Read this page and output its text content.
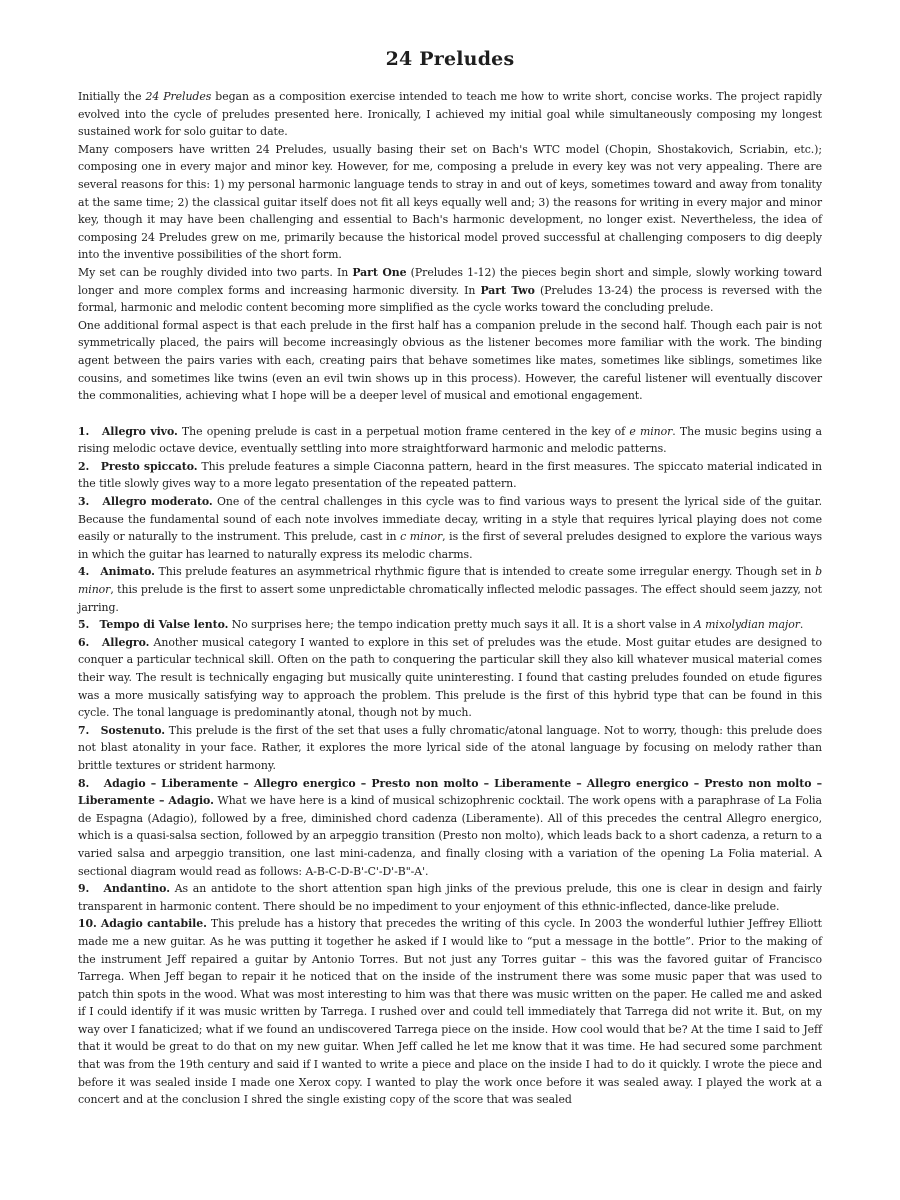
24 Preludes

Initially the 24 Preludes began as a composition exercise intended to teach me how to write short, concise works. The project rapidly evolved into the cycle of preludes presented here. Ironically, I achieved my initial goal while simultaneously composing my longest sustained work for solo guitar to date.

Many composers have written 24 Preludes, usually basing their set on Bach's WTC model (Chopin, Shostakovich, Scriabin, etc.); composing one in every major and minor key. However, for me, composing a prelude in every key was not very appealing. There are several reasons for this: 1) my personal harmonic language tends to stray in and out of keys, sometimes toward and away from tonality at the same time; 2) the classical guitar itself does not fit all keys equally well and; 3) the reasons for writing in every major and minor key, though it may have been challenging and essential to Bach's harmonic development, no longer exist. Nevertheless, the idea of composing 24 Preludes grew on me, primarily because the historical model proved successful at challenging composers to dig deeply into the inventive possibilities of the short form.

My set can be roughly divided into two parts. In Part One (Preludes 1-12) the pieces begin short and simple, slowly working toward longer and more complex forms and increasing harmonic diversity. In Part Two (Preludes 13-24) the process is reversed with the formal, harmonic and melodic content becoming more simplified as the cycle works toward the concluding prelude.

One additional formal aspect is that each prelude in the first half has a companion prelude in the second half. Though each pair is not symmetrically placed, the pairs will become increasingly obvious as the listener becomes more familiar with the work. The binding agent between the pairs varies with each, creating pairs that behave sometimes like mates, sometimes like siblings, sometimes like cousins, and sometimes like twins (even an evil twin shows up in this process). However, the careful listener will eventually discover the commonalities, achieving what I hope will be a deeper level of musical and emotional engagement.

1. Allegro vivo. The opening prelude is cast in a perpetual motion frame centered in the key of e minor. The music begins using a rising melodic octave device, eventually settling into more straightforward harmonic and melodic patterns.

2. Presto spiccato. This prelude features a simple Ciaconna pattern, heard in the first measures. The spiccato material indicated in the title slowly gives way to a more legato presentation of the repeated pattern.

3. Allegro moderato. One of the central challenges in this cycle was to find various ways to present the lyrical side of the guitar. Because the fundamental sound of each note involves immediate decay, writing in a style that requires lyrical playing does not come easily or naturally to the instrument. This prelude, cast in c minor, is the first of several preludes designed to explore the various ways in which the guitar has learned to naturally express its melodic charms.

4. Animato. This prelude features an asymmetrical rhythmic figure that is intended to create some irregular energy. Though set in b minor, this prelude is the first to assert some unpredictable chromatically inflected melodic passages. The effect should seem jazzy, not jarring.

5. Tempo di Valse lento. No surprises here; the tempo indication pretty much says it all. It is a short valse in A mixolydian major.

6. Allegro. Another musical category I wanted to explore in this set of preludes was the etude. Most guitar etudes are designed to conquer a particular technical skill. Often on the path to conquering the particular skill they also kill whatever musical material comes their way. The result is technically engaging but musically quite uninteresting. I found that casting preludes founded on etude figures was a more musically satisfying way to approach the problem. This prelude is the first of this hybrid type that can be found in this cycle. The tonal language is predominantly atonal, though not by much.

7. Sostenuto. This prelude is the first of the set that uses a fully chromatic/atonal language. Not to worry, though: this prelude does not blast atonality in your face. Rather, it explores the more lyrical side of the atonal language by focusing on melody rather than brittle textures or strident harmony.

8. Adagio – Liberamente – Allegro energico – Presto non molto – Liberamente – Allegro energico – Presto non molto – Liberamente – Adagio. What we have here is a kind of musical schizophrenic cocktail. The work opens with a paraphrase of La Folia de Espagna (Adagio), followed by a free, diminished chord cadenza (Liberamente). All of this precedes the central Allegro energico, which is a quasi-salsa section, followed by an arpeggio transition (Presto non molto), which leads back to a short cadenza, a return to a varied salsa and arpeggio transition, one last mini-cadenza, and finally closing with a variation of the opening La Folia material. A sectional diagram would read as follows: A-B-C-D-B'-C'-D'-B"-A'.

9. Andantino. As an antidote to the short attention span high jinks of the previous prelude, this one is clear in design and fairly transparent in harmonic content. There should be no impediment to your enjoyment of this ethnic-inflected, dance-like prelude.

10. Adagio cantabile. This prelude has a history that precedes the writing of this cycle. In 2003 the wonderful luthier Jeffrey Elliott made me a new guitar. As he was putting it together he asked if I would like to “put a message in the bottle”. Prior to the making of the instrument Jeff repaired a guitar by Antonio Torres. But not just any Torres guitar – this was the favored guitar of Francisco Tarrega. When Jeff began to repair it he noticed that on the inside of the instrument there was some music paper that was used to patch thin spots in the wood. What was most interesting to him was that there was music written on the paper. He called me and asked if I could identify if it was music written by Tarrega. I rushed over and could tell immediately that Tarrega did not write it. But, on my way over I fanaticized; what if we found an undiscovered Tarrega piece on the inside. How cool would that be? At the time I said to Jeff that it would be great to do that on my new guitar. When Jeff called he let me know that it was time. He had secured some parchment that was from the 19th century and said if I wanted to write a piece and place on the inside I had to do it quickly. I wrote the piece and before it was sealed inside I made one Xerox copy. I wanted to play the work once before it was sealed away. I played the work at a concert and at the conclusion I shred the single existing copy of the score that was sealed
